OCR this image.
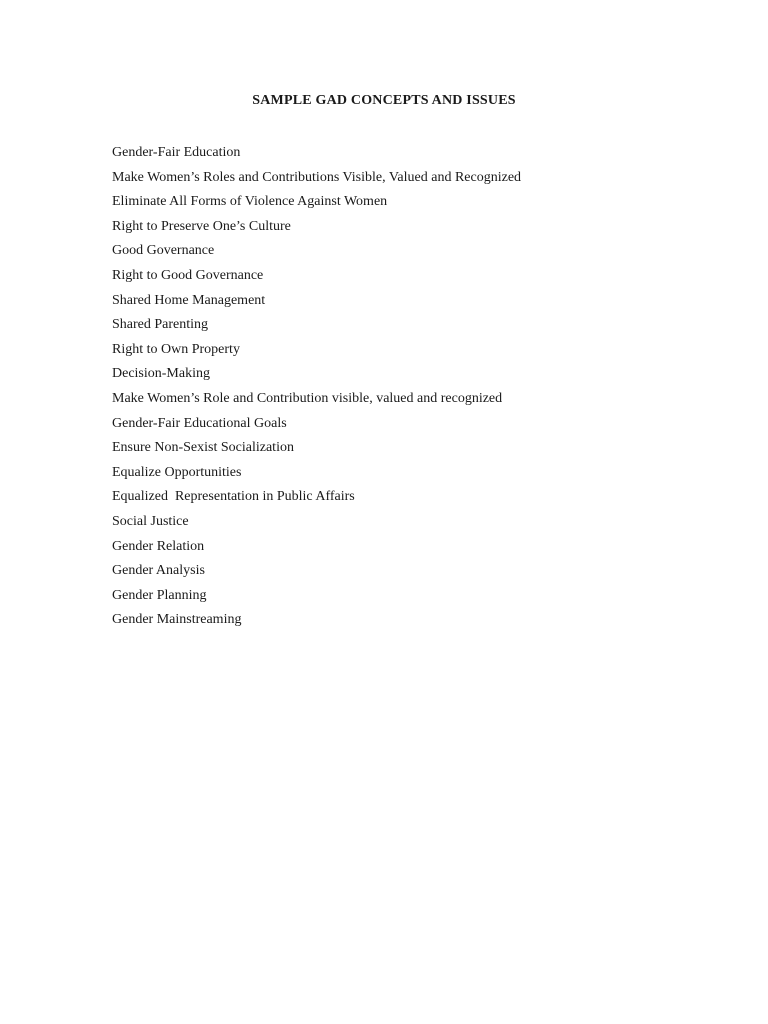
SAMPLE GAD CONCEPTS AND ISSUES
Gender-Fair Education
Make Women’s Roles and Contributions Visible, Valued and Recognized
Eliminate All Forms of Violence Against Women
Right to Preserve One’s Culture
Good Governance
Right to Good Governance
Shared Home Management
Shared Parenting
Right to Own Property
Decision-Making
Make Women’s Role and Contribution visible, valued and recognized
Gender-Fair Educational Goals
Ensure Non-Sexist Socialization
Equalize Opportunities
Equalized  Representation in Public Affairs
Social Justice
Gender Relation
Gender Analysis
Gender Planning
Gender Mainstreaming
